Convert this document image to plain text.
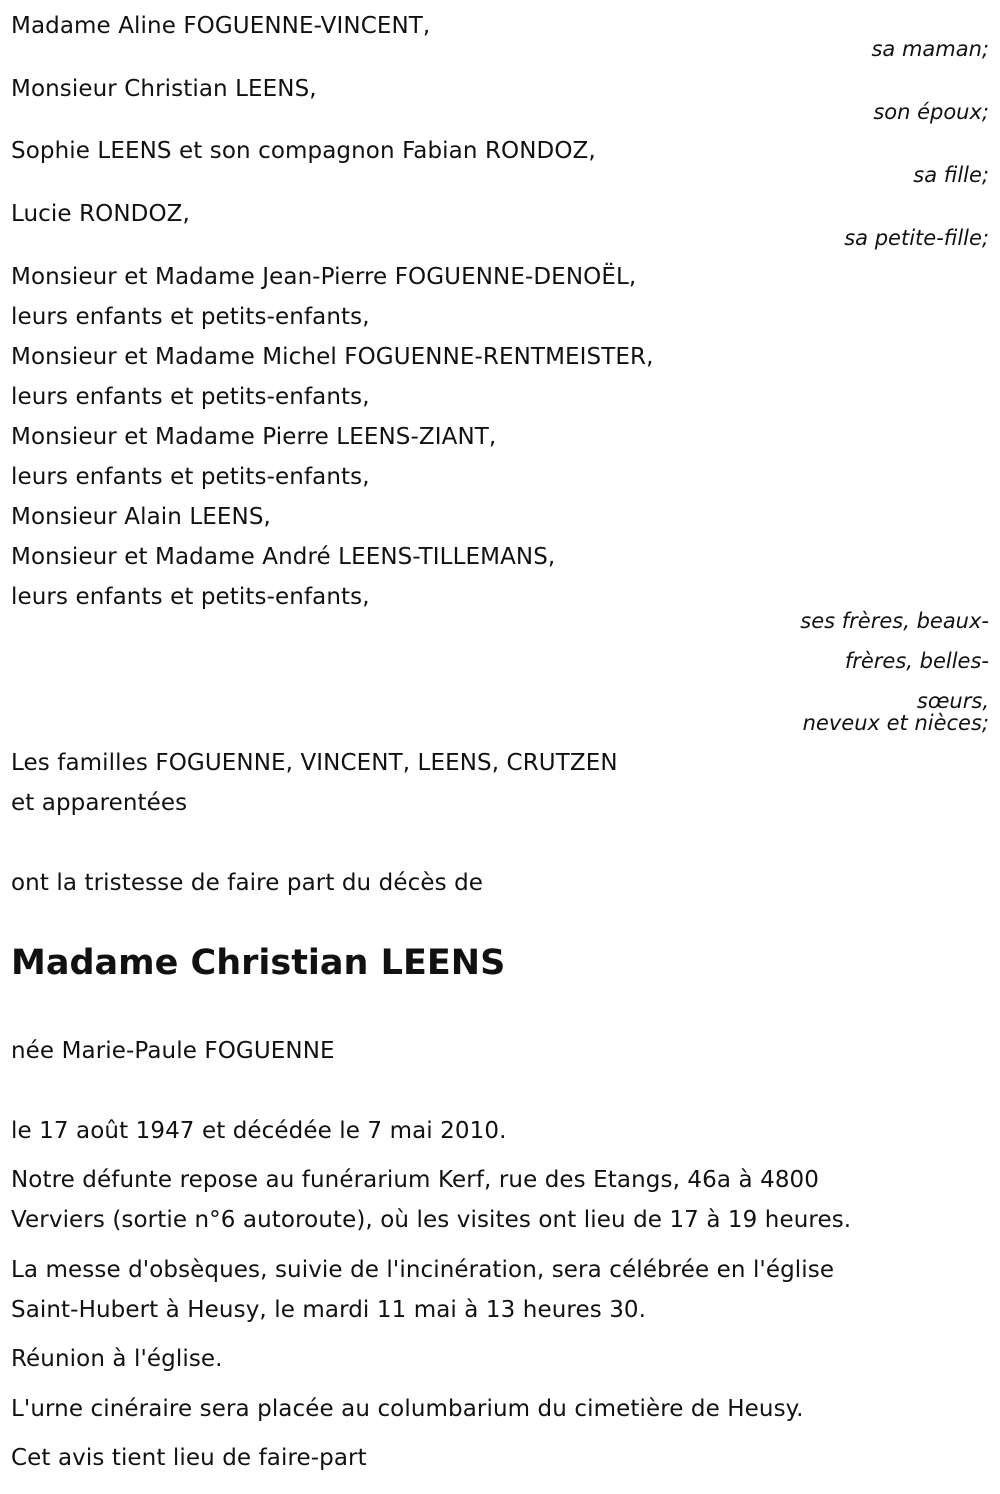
Madame Aline FOGUENNE-VINCENT,
sa maman;
Monsieur Christian LEENS,
son époux;
Sophie LEENS et son compagnon Fabian RONDOZ,
sa fille;
Lucie RONDOZ,
sa petite-fille;
Monsieur et Madame Jean-Pierre FOGUENNE-DENOËL,
leurs enfants et petits-enfants,
Monsieur et Madame Michel FOGUENNE-RENTMEISTER,
leurs enfants et petits-enfants,
Monsieur et Madame Pierre LEENS-ZIANT,
leurs enfants et petits-enfants,
Monsieur Alain LEENS,
Monsieur et Madame André LEENS-TILLEMANS,
leurs enfants et petits-enfants,
ses frères, beaux-
frères, belles-
sœurs,
neveux et nièces;
Les familles FOGUENNE, VINCENT, LEENS, CRUTZEN
et apparentées
ont la tristesse de faire part du décès de
Madame Christian LEENS
née Marie-Paule FOGUENNE
le 17 août 1947 et décédée le 7 mai 2010.
Notre défunte repose au funérarium Kerf, rue des Etangs, 46a à 4800
Verviers (sortie n°6 autoroute), où les visites ont lieu de 17 à 19 heures.
La messe d'obsèques, suivie de l'incinération, sera célébrée en l'église
Saint-Hubert à Heusy, le mardi 11 mai à 13 heures 30.
Réunion à l'église.
L'urne cinéraire sera placée au columbarium du cimetière de Heusy.
Cet avis tient lieu de faire-part
